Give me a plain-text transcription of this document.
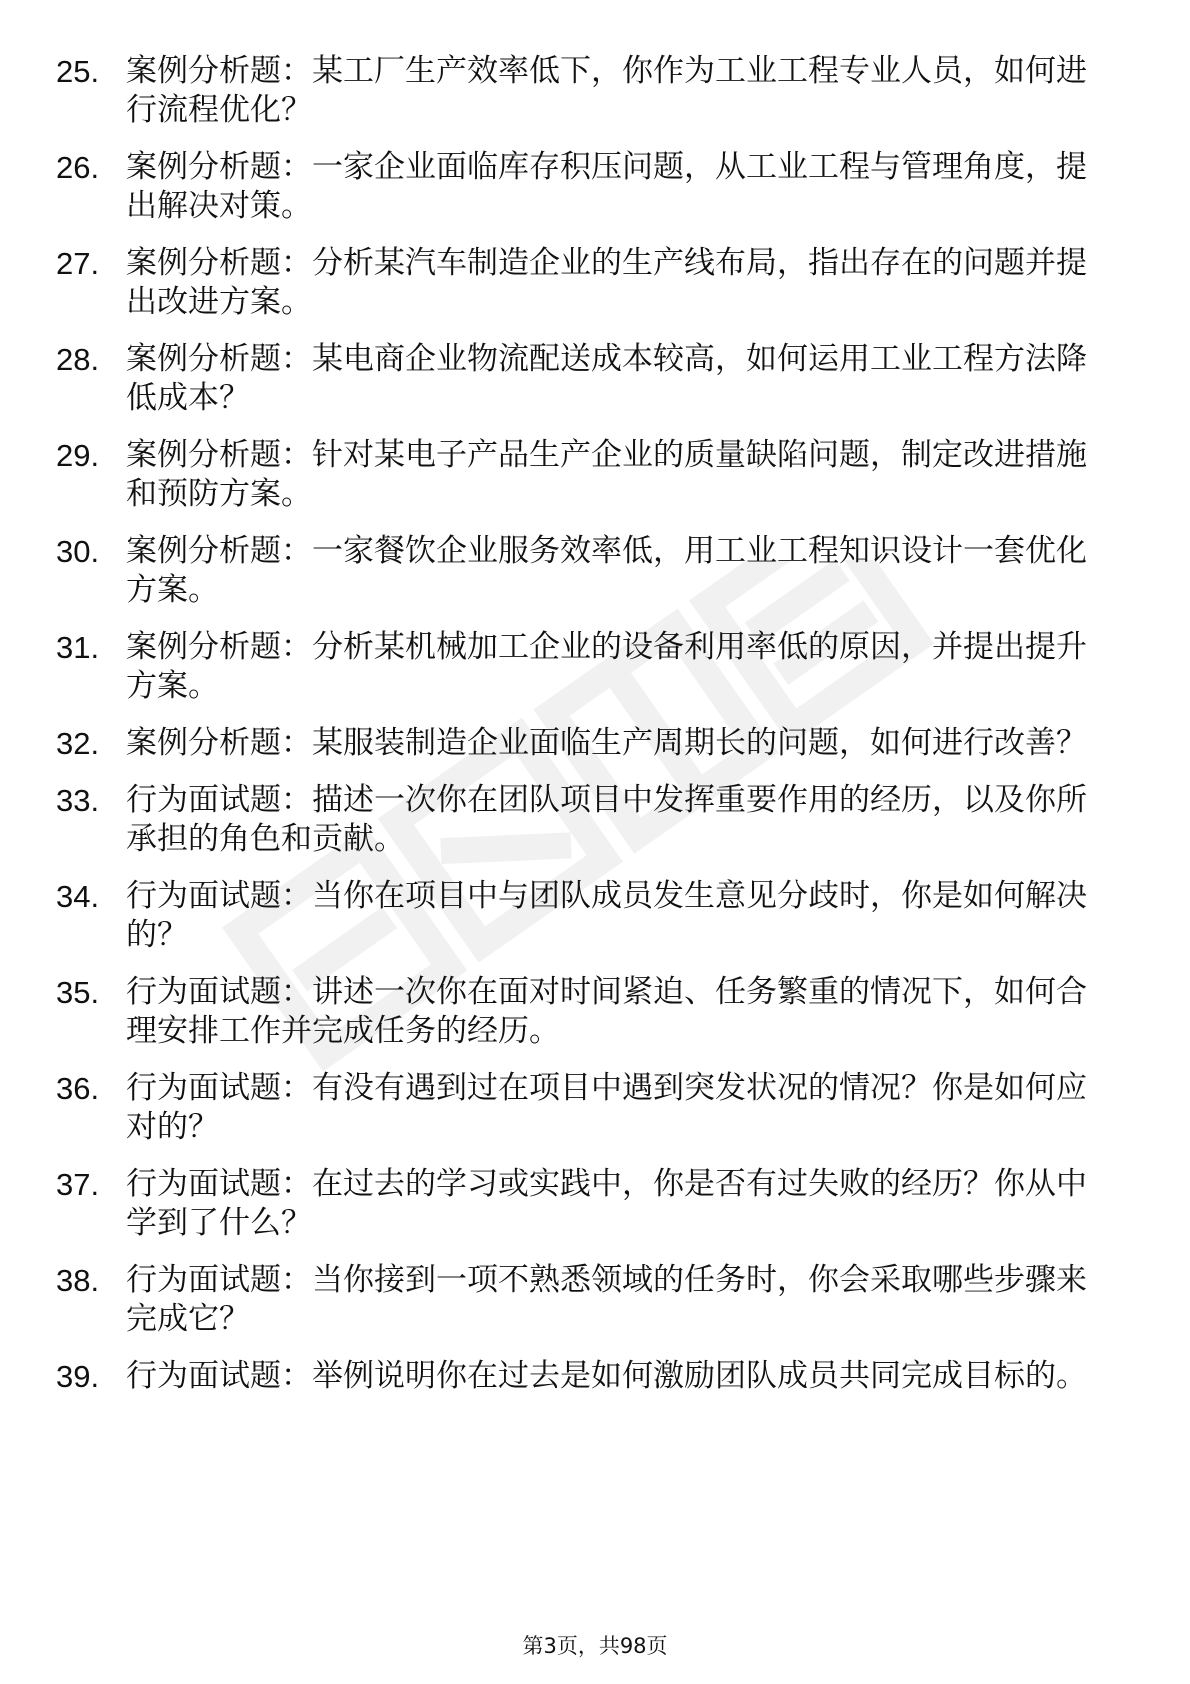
25. 案例分析题：某工厂生产效率低下，你作为工业工程专业人员，如何进行流程优化？
26. 案例分析题：一家企业面临库存积压问题，从工业工程与管理角度，提出解决对策。
27. 案例分析题：分析某汽车制造企业的生产线布局，指出存在的问题并提出改进方案。
28. 案例分析题：某电商企业物流配送成本较高，如何运用工业工程方法降低成本？
29. 案例分析题：针对某电子产品生产企业的质量缺陷问题，制定改进措施和预防方案。
30. 案例分析题：一家餐饮企业服务效率低，用工业工程知识设计一套优化方案。
31. 案例分析题：分析某机械加工企业的设备利用率低的原因，并提出提升方案。
32. 案例分析题：某服装制造企业面临生产周期长的问题，如何进行改善？
33. 行为面试题：描述一次你在团队项目中发挥重要作用的经历，以及你所承担的角色和贡献。
34. 行为面试题：当你在项目中与团队成员发生意见分歧时，你是如何解决的？
35. 行为面试题：讲述一次你在面对时间紧迫、任务繁重的情况下，如何合理安排工作并完成任务的经历。
36. 行为面试题：有没有遇到过在项目中遇到突发状况的情况？你是如何应对的？
37. 行为面试题：在过去的学习或实践中，你是否有过失败的经历？你从中学到了什么？
38. 行为面试题：当你接到一项不熟悉领域的任务时，你会采取哪些步骤来完成它？
39. 行为面试题：举例说明你在过去是如何激励团队成员共同完成目标的。
第3页，共98页
